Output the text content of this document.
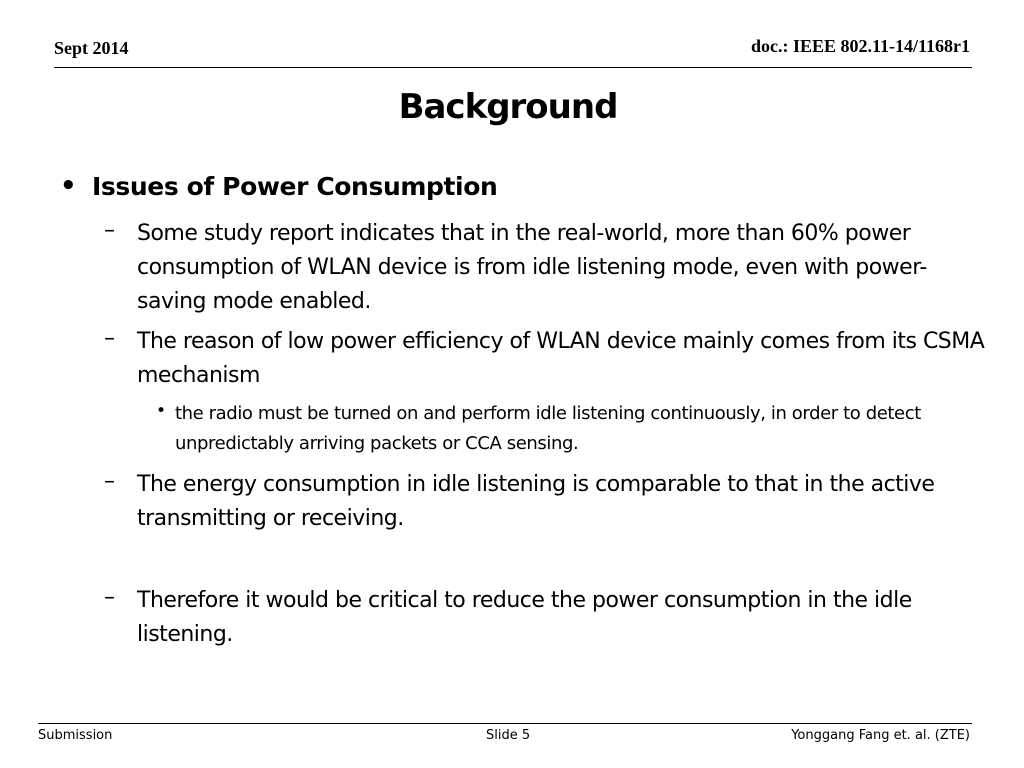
Sept 2014	doc.: IEEE 802.11-14/1168r1
Background
• Issues of Power Consumption
– Some study report indicates that in the real-world, more than 60% power consumption of WLAN device is from idle listening mode, even with power-saving mode enabled.
– The reason of low power efficiency of WLAN device mainly comes from its CSMA mechanism
• the radio must be turned on and perform idle listening continuously, in order to detect unpredictably arriving packets or CCA sensing.
– The energy consumption in idle listening is comparable to that in the active transmitting or receiving.
– Therefore it would be critical to reduce the power consumption in the idle listening.
Submission	Slide 5	Yonggang Fang et. al. (ZTE)
